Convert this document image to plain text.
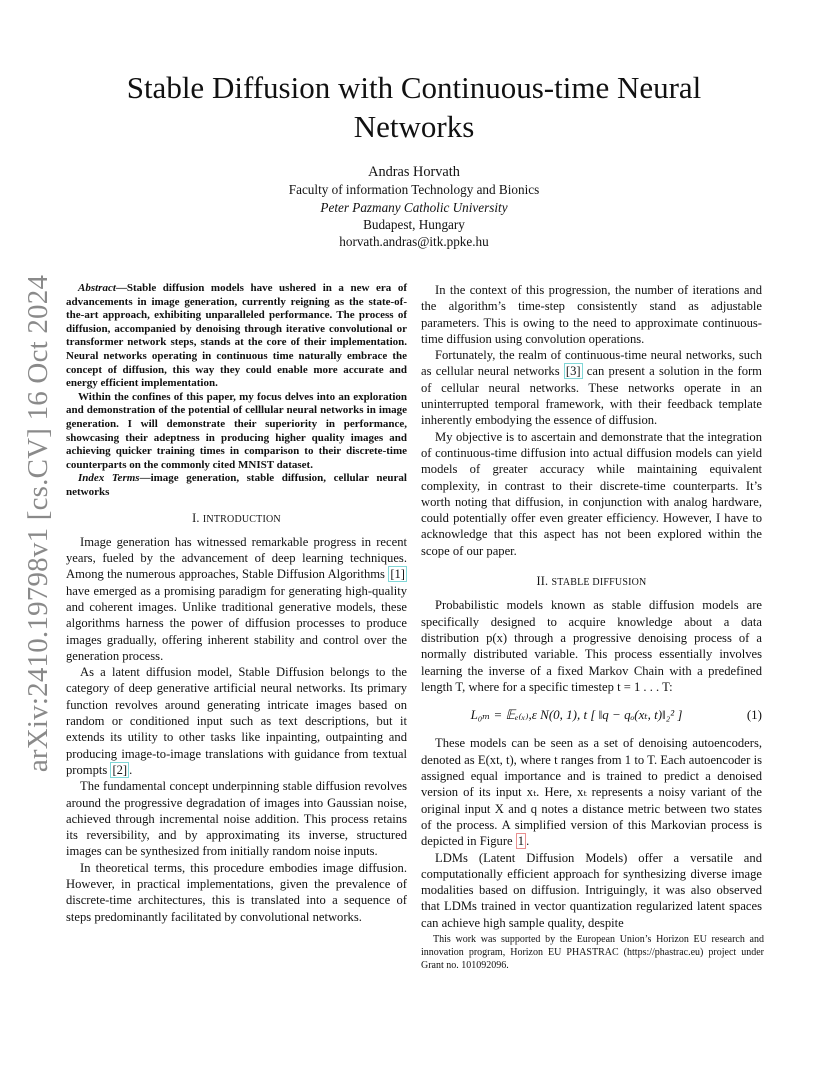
arXiv:2410.19798v1 [cs.CV] 16 Oct 2024
Stable Diffusion with Continuous-time Neural Networks
Andras Horvath
Faculty of information Technology and Bionics
Peter Pazmany Catholic University
Budapest, Hungary
horvath.andras@itk.ppke.hu

Abstract—Stable diffusion models have ushered in a new era of advancements in image generation, currently reigning as the state-of-the-art approach, exhibiting unparalleled performance. The process of diffusion, accompanied by denoising through iterative convolutional or transformer network steps, stands at the core of their implementation. Neural networks operating in continuous time naturally embrace the concept of diffusion, this way they could enable more accurate and energy efficient implementation.

Within the confines of this paper, my focus delves into an exploration and demonstration of the potential of celllular neural networks in image generation. I will demonstrate their superiority in performance, showcasing their adeptness in producing higher quality images and achieving quicker training times in comparison to their discrete-time counterparts on the commonly cited MNIST dataset.

Index Terms—image generation, stable diffusion, cellular neural networks

I. INTRODUCTION

Image generation has witnessed remarkable progress in recent years, fueled by the advancement of deep learning techniques. Among the numerous approaches, Stable Diffusion Algorithms [1] have emerged as a promising paradigm for generating high-quality and coherent images. Unlike traditional generative models, these algorithms harness the power of diffusion processes to produce images gradually, offering inherent stability and control over the generation process.

As a latent diffusion model, Stable Diffusion belongs to the category of deep generative artificial neural networks. Its primary function revolves around generating intricate images based on random or conditioned input such as text descriptions, but it extends its utility to other tasks like inpainting, outpainting and producing image-to-image translations with guidance from textual prompts [2] .

The fundamental concept underpinning stable diffusion revolves around the progressive degradation of images into Gaussian noise, achieved through incremental noise addition. This process retains its reversibility, and by approximating its inverse, structured images can be synthesized from initially random noise inputs.

In theoretical terms, this procedure embodies image diffusion. However, in practical implementations, given the prevalence of discrete-time architectures, this is translated into a sequence of steps predominantly facilitated by convolutional networks.

In the context of this progression, the number of iterations and the algorithm’s time-step consistently stand as adjustable parameters. This is owing to the need to approximate continuous-time diffusion using convolution operations.

Fortunately, the realm of continuous-time neural networks, such as cellular neural networks [3] can present a solution in the form of cellular neural networks. These networks operate in an uninterrupted temporal framework, with their feedback template inherently embodying the essence of diffusion.

My objective is to ascertain and demonstrate that the integration of continuous-time diffusion into actual diffusion models can yield models of greater accuracy while maintaining equivalent complexity, in contrast to their discrete-time counterparts. It’s worth noting that diffusion, in conjunction with analog hardware, could potentially offer even greater efficiency. However, I have to acknowledge that this aspect has not been explored within the scope of our paper.

II. STABLE DIFFUSION

Probabilistic models known as stable diffusion models are specifically designed to acquire knowledge about a data distribution p(x) through a progressive denoising process of a normally distributed variable. This process essentially involves learning the inverse of a fixed Markov Chain with a predefined length T, where for a specific timestep t = 1 . . . T:

L₀ₘ = 𝔼ₑ₍ₓ₎,ε N(0, 1), t [ ‖q − qₒ(xₜ, t)‖₂² ]	(1)

These models can be seen as a set of denoising autoencoders, denoted as E(xt, t), where t ranges from 1 to T. Each autoencoder is assigned equal importance and is trained to predict a denoised version of its input xₜ. Here, xₜ represents a noisy variant of the original input X and q notes a distance metric between two states of the process. A simplified version of this Markovian process is depicted in Figure 1 .

LDMs (Latent Diffusion Models) offer a versatile and computationally efficient approach for synthesizing diverse image modalities based on diffusion. Intriguingly, it was also observed that LDMs trained in vector quantization regularized latent spaces can achieve high sample quality, despite

This work was supported by the European Union’s Horizon EU research and innovation program, Horizon EU PHASTRAC (https://phastrac.eu) project under Grant no. 101092096.
